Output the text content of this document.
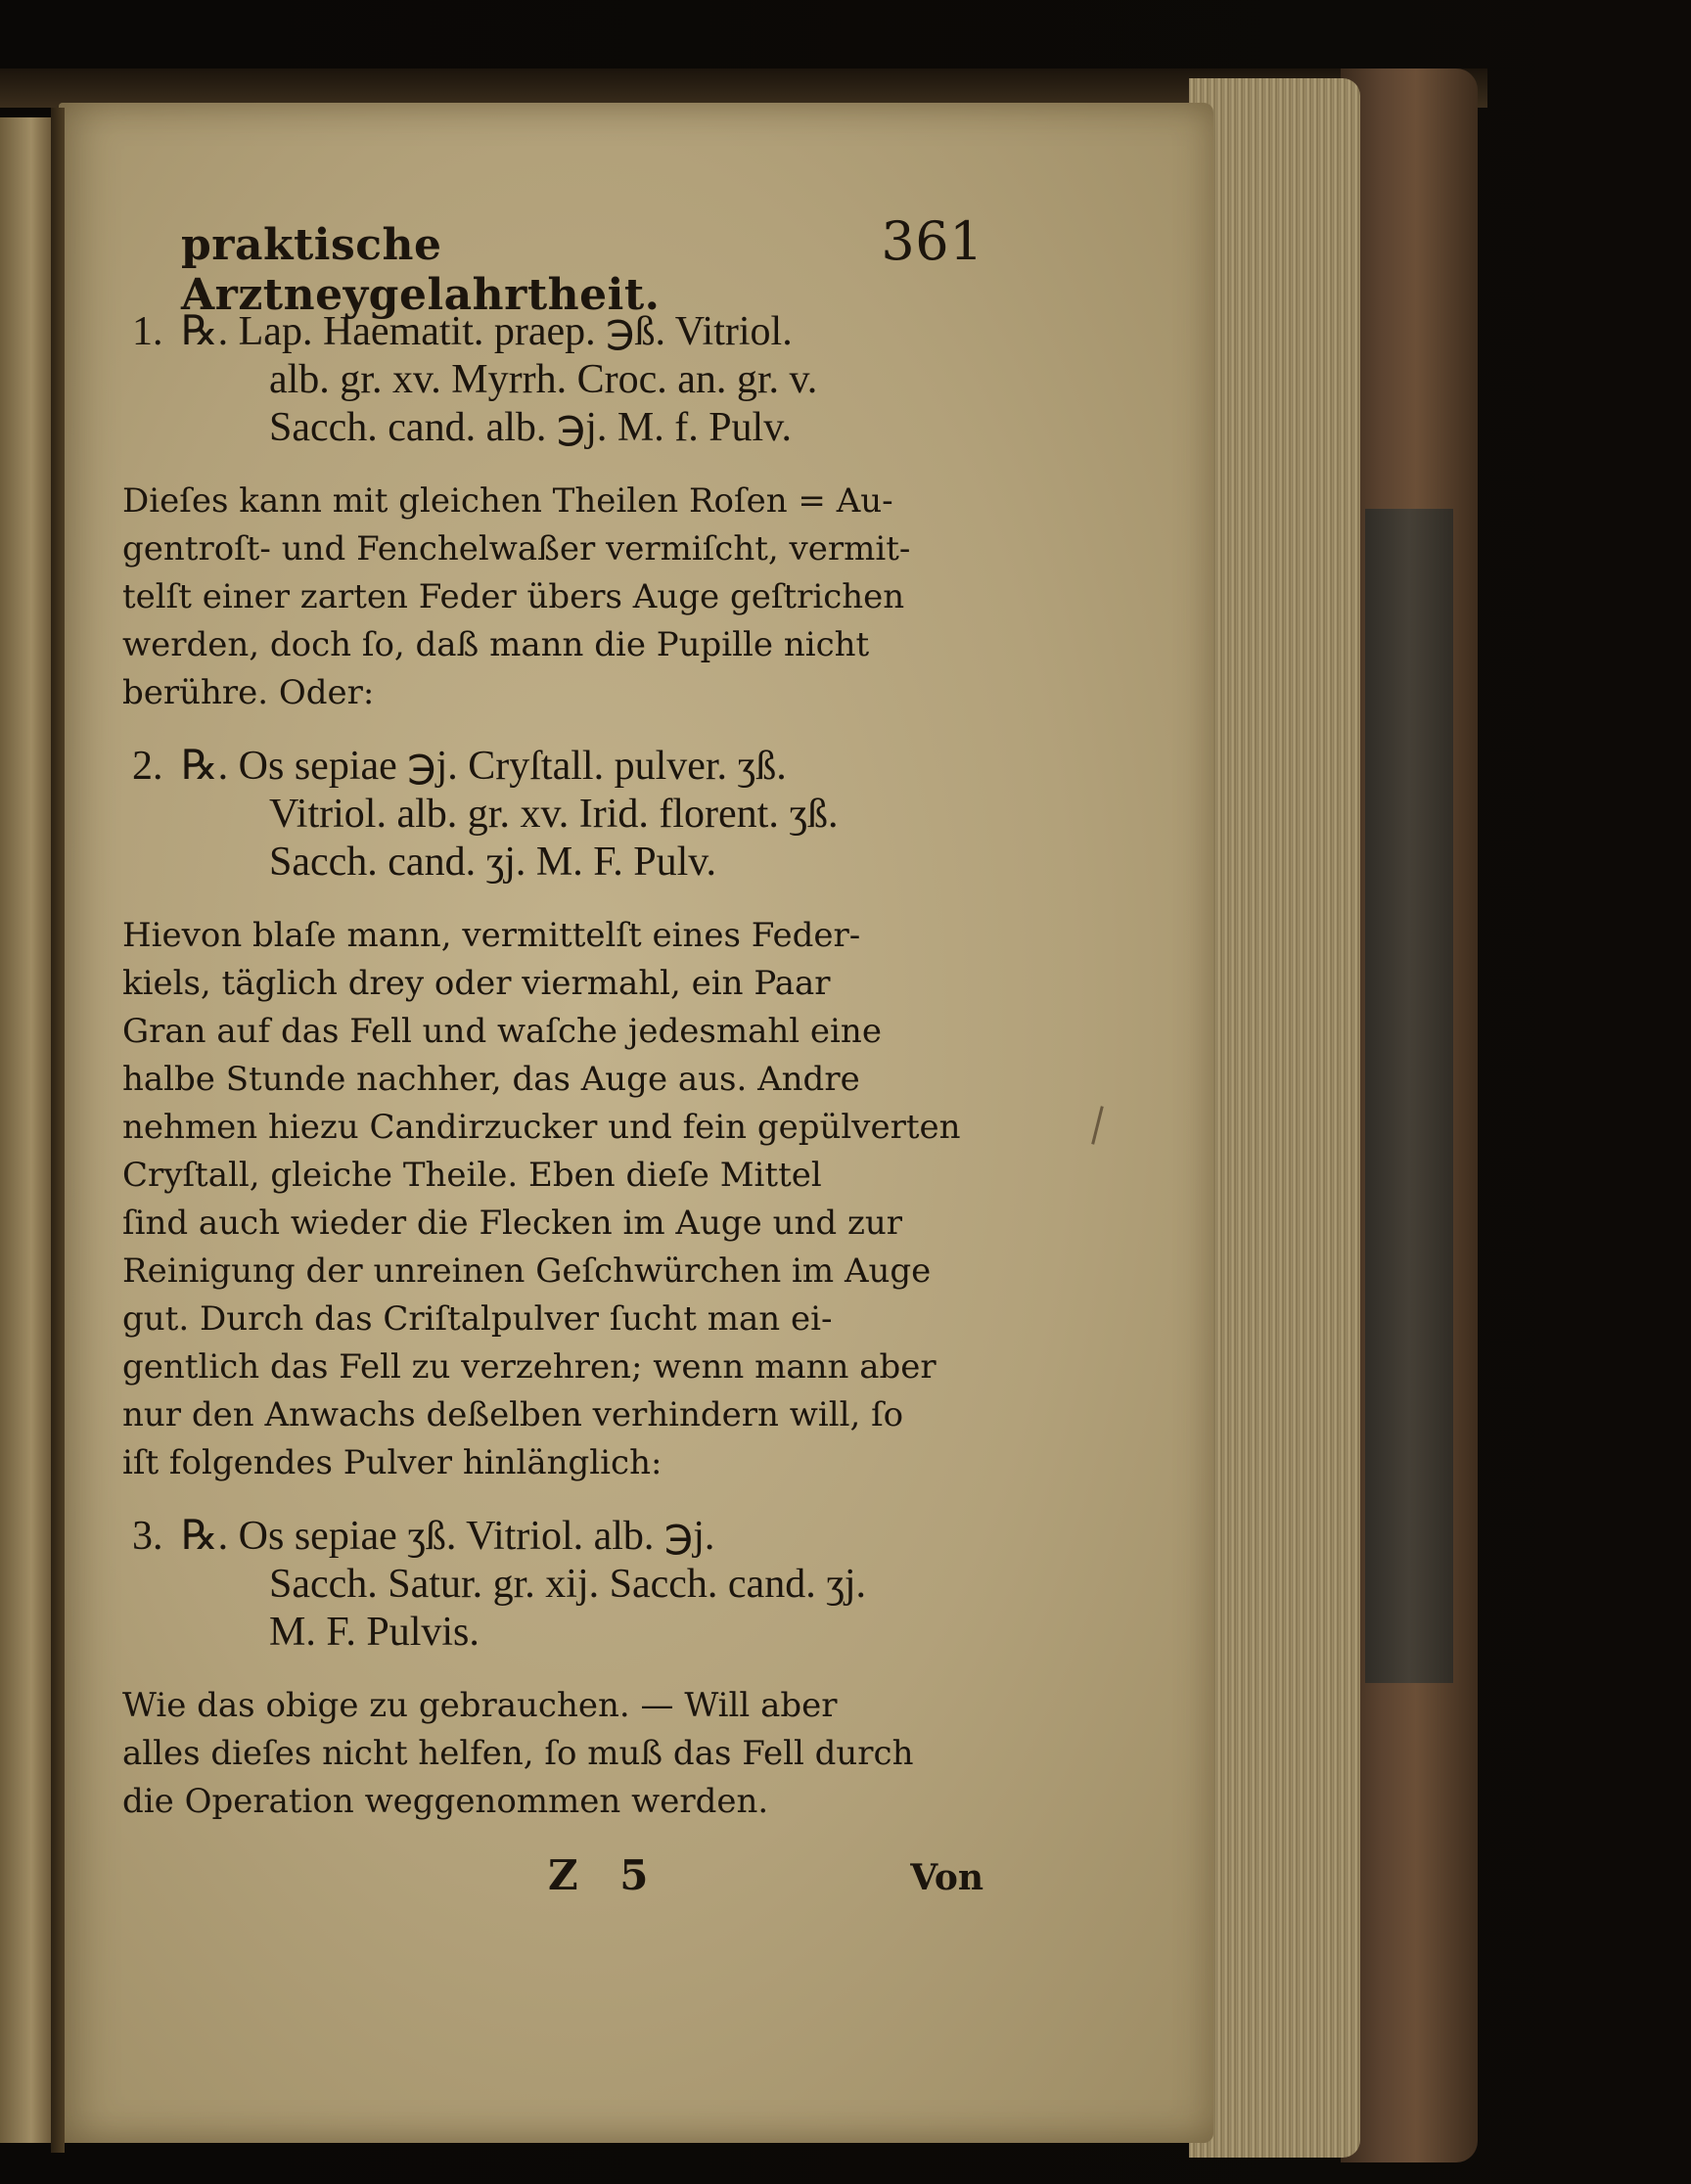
praktische Arztneygelahrtheit.
361
1. ℞. Lap. Haematit. praep. ℈ß. Vitriol.
alb. gr. xv. Myrrh. Croc. an. gr. v.
Sacch. cand. alb. ℈j. M. f. Pulv.
Dieſes kann mit gleichen Theilen Roſen = Au-
gentroſt- und Fenchelwaßer vermiſcht, vermit-
telſt einer zarten Feder übers Auge geſtrichen
werden, doch ſo, daß mann die Pupille nicht
berühre. Oder:
2. ℞. Os sepiae ℈j. Cryſtall. pulver. ʒß.
Vitriol. alb. gr. xv. Irid. florent. ʒß.
Sacch. cand. ʒj. M. F. Pulv.
Hievon blaſe mann, vermittelſt eines Feder-
kiels, täglich drey oder viermahl, ein Paar
Gran auf das Fell und waſche jedesmahl eine
halbe Stunde nachher, das Auge aus. Andre
nehmen hiezu Candirzucker und fein gepülverten
Cryſtall, gleiche Theile. Eben dieſe Mittel
ſind auch wieder die Flecken im Auge und zur
Reinigung der unreinen Geſchwürchen im Auge
gut. Durch das Criſtalpulver ſucht man ei-
gentlich das Fell zu verzehren; wenn mann aber
nur den Anwachs deßelben verhindern will, ſo
iſt folgendes Pulver hinlänglich:
3. ℞. Os sepiae ʒß. Vitriol. alb. ℈j.
Sacch. Satur. gr. xij. Sacch. cand. ʒj.
M. F. Pulvis.
Wie das obige zu gebrauchen. — Will aber
alles dieſes nicht helfen, ſo muß das Fell durch
die Operation weggenommen werden.
Z 5	Von
